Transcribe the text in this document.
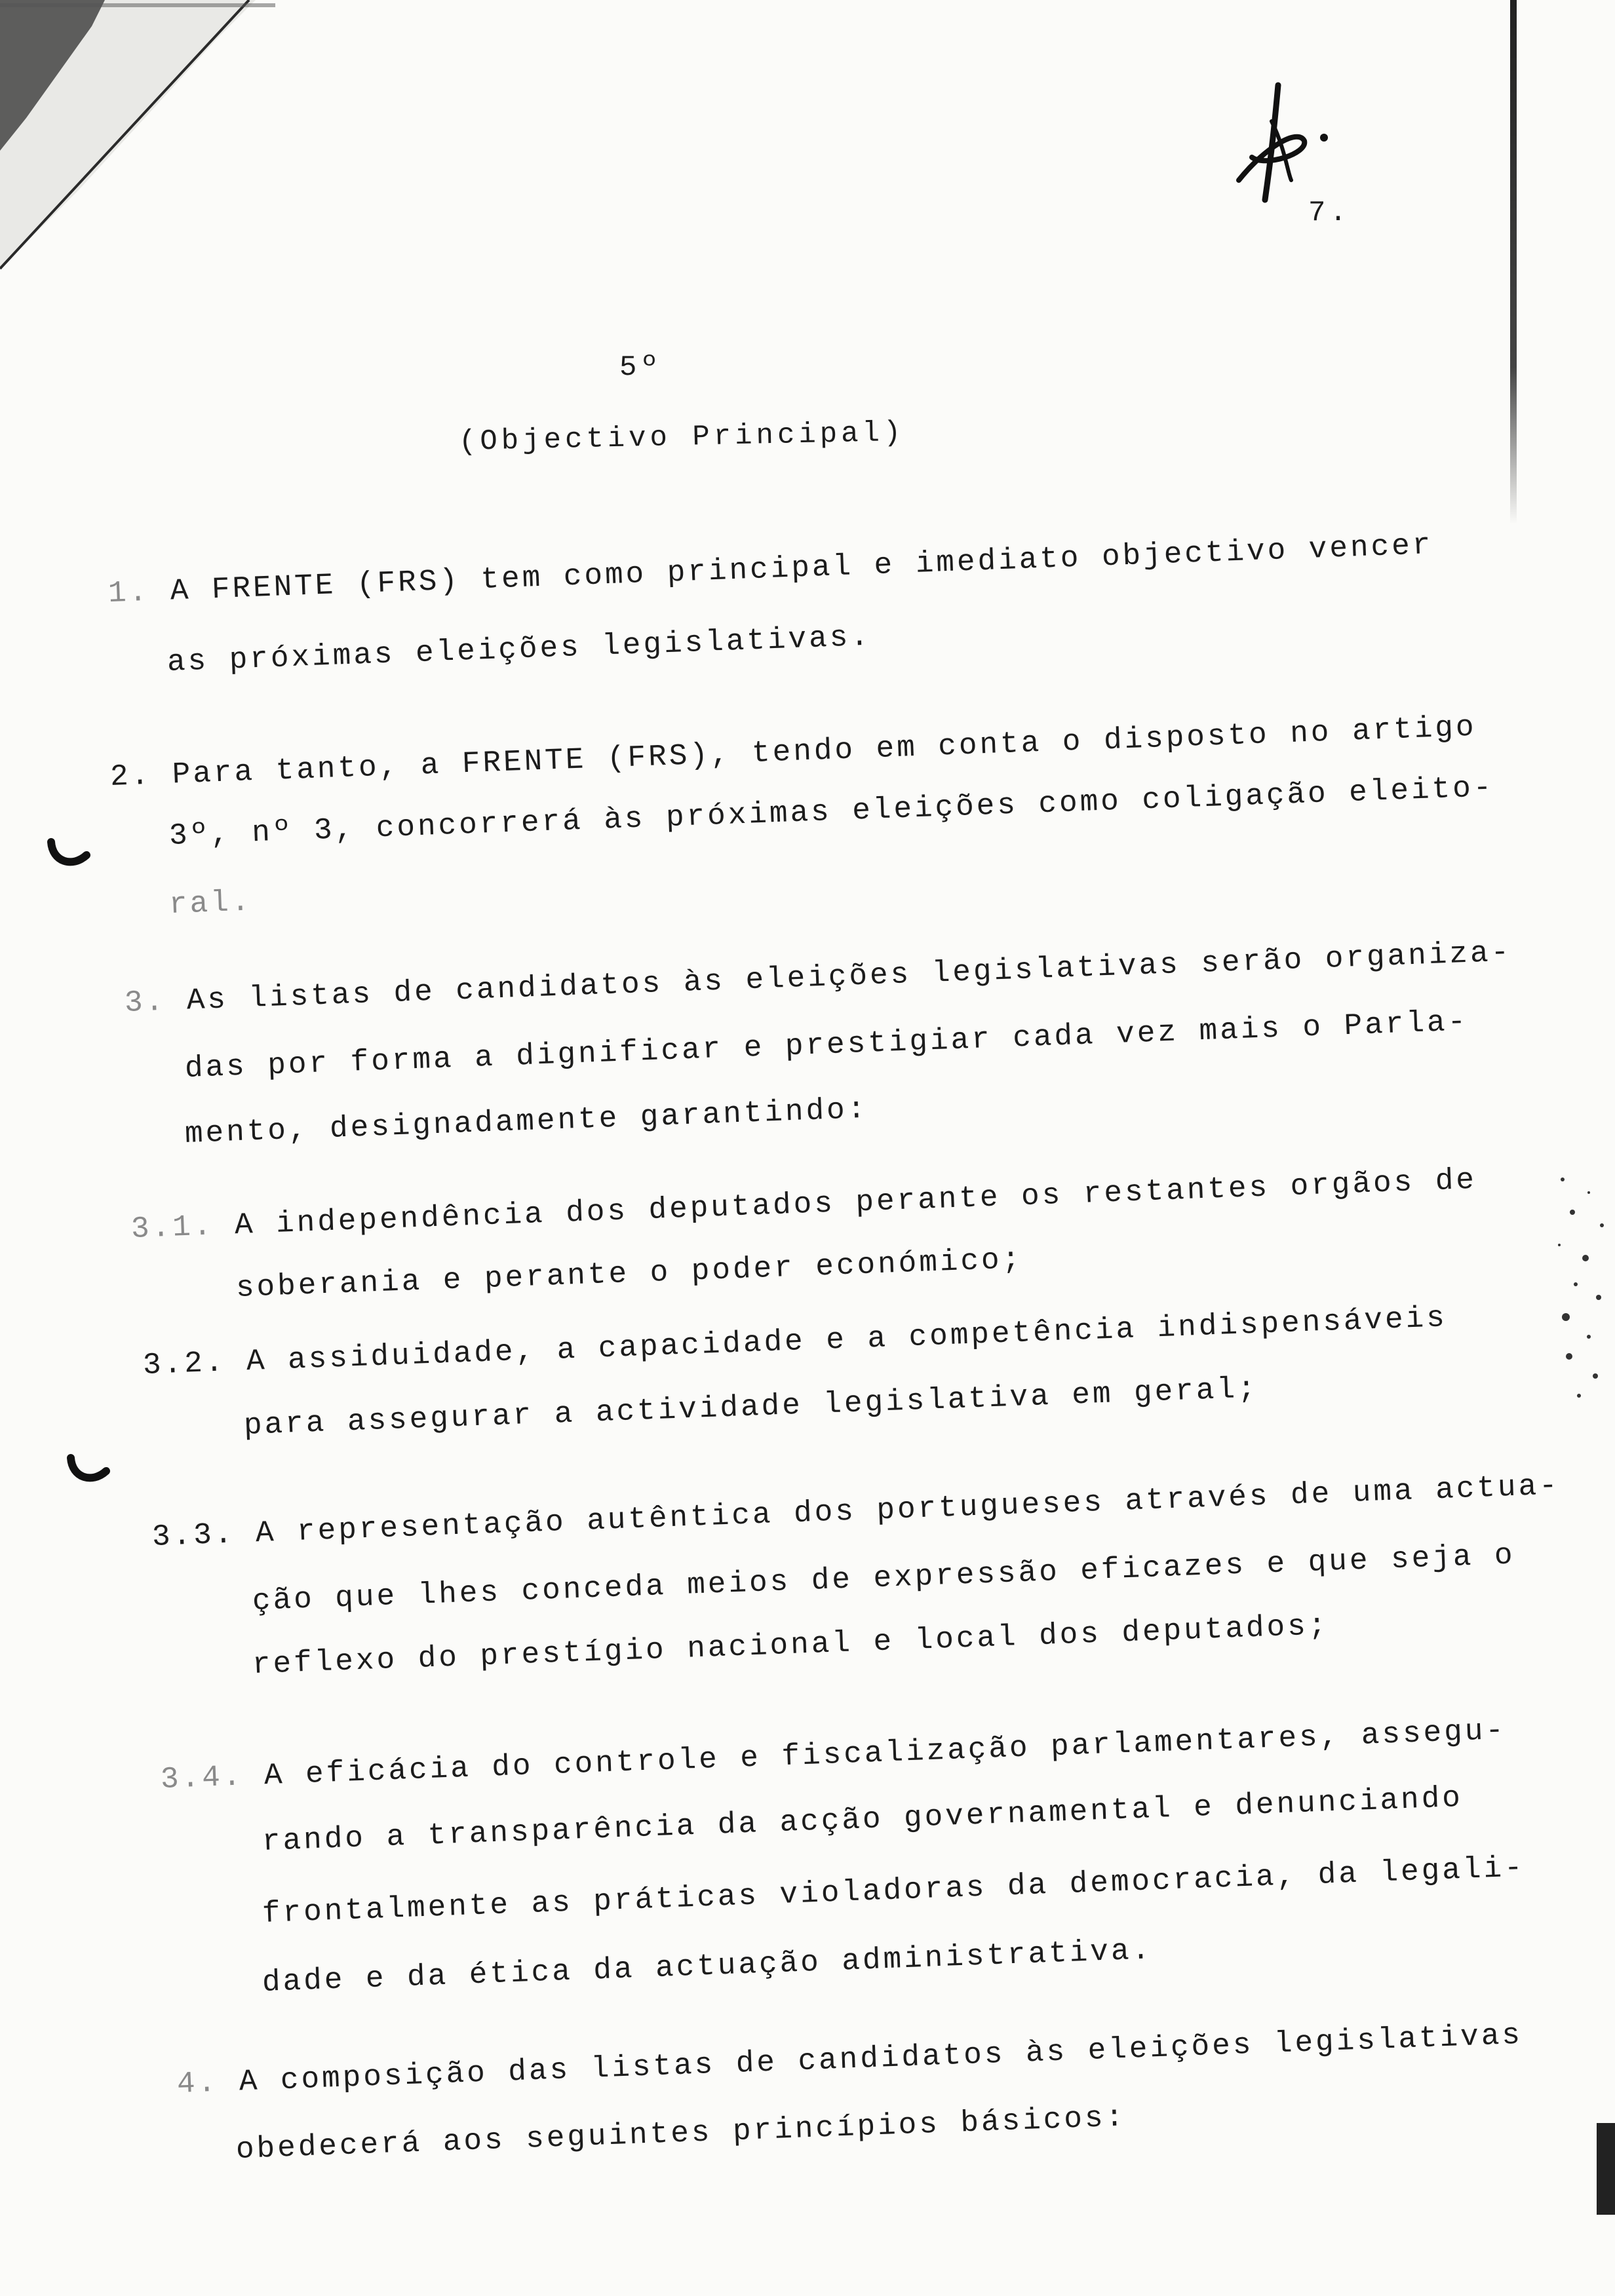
7.
5º
(Objectivo Principal)
1. A FRENTE (FRS) tem como principal e imediato objectivo vencer
as próximas eleições legislativas.
2. Para tanto, a FRENTE (FRS), tendo em conta o disposto no artigo
3º, nº 3, concorrerá às próximas eleições como coligação eleito-
ral.
3. As listas de candidatos às eleições legislativas serão organiza-
das por forma a dignificar e prestigiar cada vez mais o Parla-
mento, designadamente garantindo:
3.1. A independência dos deputados perante os restantes orgãos de
soberania e perante o poder económico;
3.2. A assiduidade, a capacidade e a competência indispensáveis
para assegurar a actividade legislativa em geral;
3.3. A representação autêntica dos portugueses através de uma actua-
ção que lhes conceda meios de expressão eficazes e que seja o
reflexo do prestígio nacional e local dos deputados;
3.4. A eficácia do controle e fiscalização parlamentares, assegu-
rando a transparência da acção governamental e denunciando
frontalmente as práticas violadoras da democracia, da legali-
dade e da ética da actuação administrativa.
4. A composição das listas de candidatos às eleições legislativas
obedecerá aos seguintes princípios básicos:
